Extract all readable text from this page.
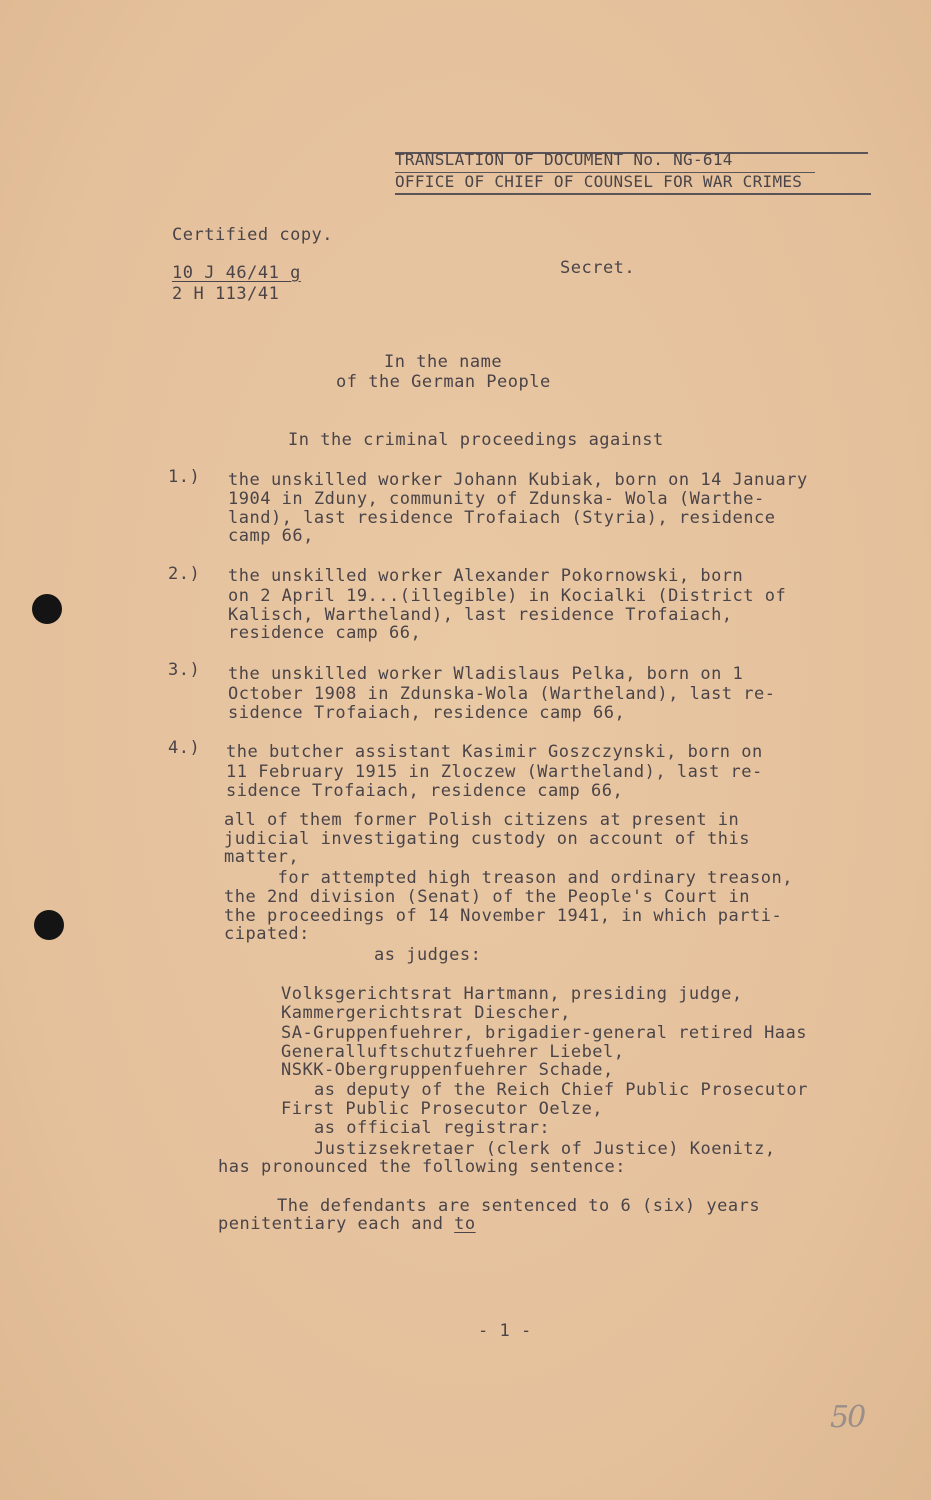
TRANSLATION OF DOCUMENT No. NG-614
OFFICE OF CHIEF OF COUNSEL FOR WAR CRIMES
Certified copy.
10 J 46/41 g
2 H 113/41
Secret.
In the name
of the German People
In the criminal proceedings against
1.) the unskilled worker Johann Kubiak, born on 14 January
1904 in Zduny, community of Zdunska- Wola (Warthe-
land), last residence Trofaiach (Styria), residence
camp 66,
2.) the unskilled worker Alexander Pokornowski, born
on 2 April 19...(illegible) in Kocialki (District of
Kalisch, Wartheland), last residence Trofaiach,
residence camp 66,
3.) the unskilled worker Wladislaus Pelka, born on 1
October 1908 in Zdunska-Wola (Wartheland), last re-
sidence Trofaiach, residence camp 66,
4.) the butcher assistant Kasimir Goszczynski, born on
11 February 1915 in Zloczew (Wartheland), last re-
sidence Trofaiach, residence camp 66,
all of them former Polish citizens at present in
judicial investigating custody on account of this
matter,
for attempted high treason and ordinary treason,
the 2nd division (Senat) of the People's Court in
the proceedings of 14 November 1941, in which parti-
cipated:
as judges:
Volksgerichtsrat Hartmann, presiding judge,
Kammergerichtsrat Diescher,
SA-Gruppenfuehrer, brigadier-general retired Haas
Generalluftschutzfuehrer Liebel,
NSKK-Obergruppenfuehrer Schade,
as deputy of the Reich Chief Public Prosecutor
First Public Prosecutor Oelze,
as official registrar:
Justizsekretaer (clerk of Justice) Koenitz,
has pronounced the following sentence:
The defendants are sentenced to 6 (six) years
penitentiary each and to
- 1 -
50
